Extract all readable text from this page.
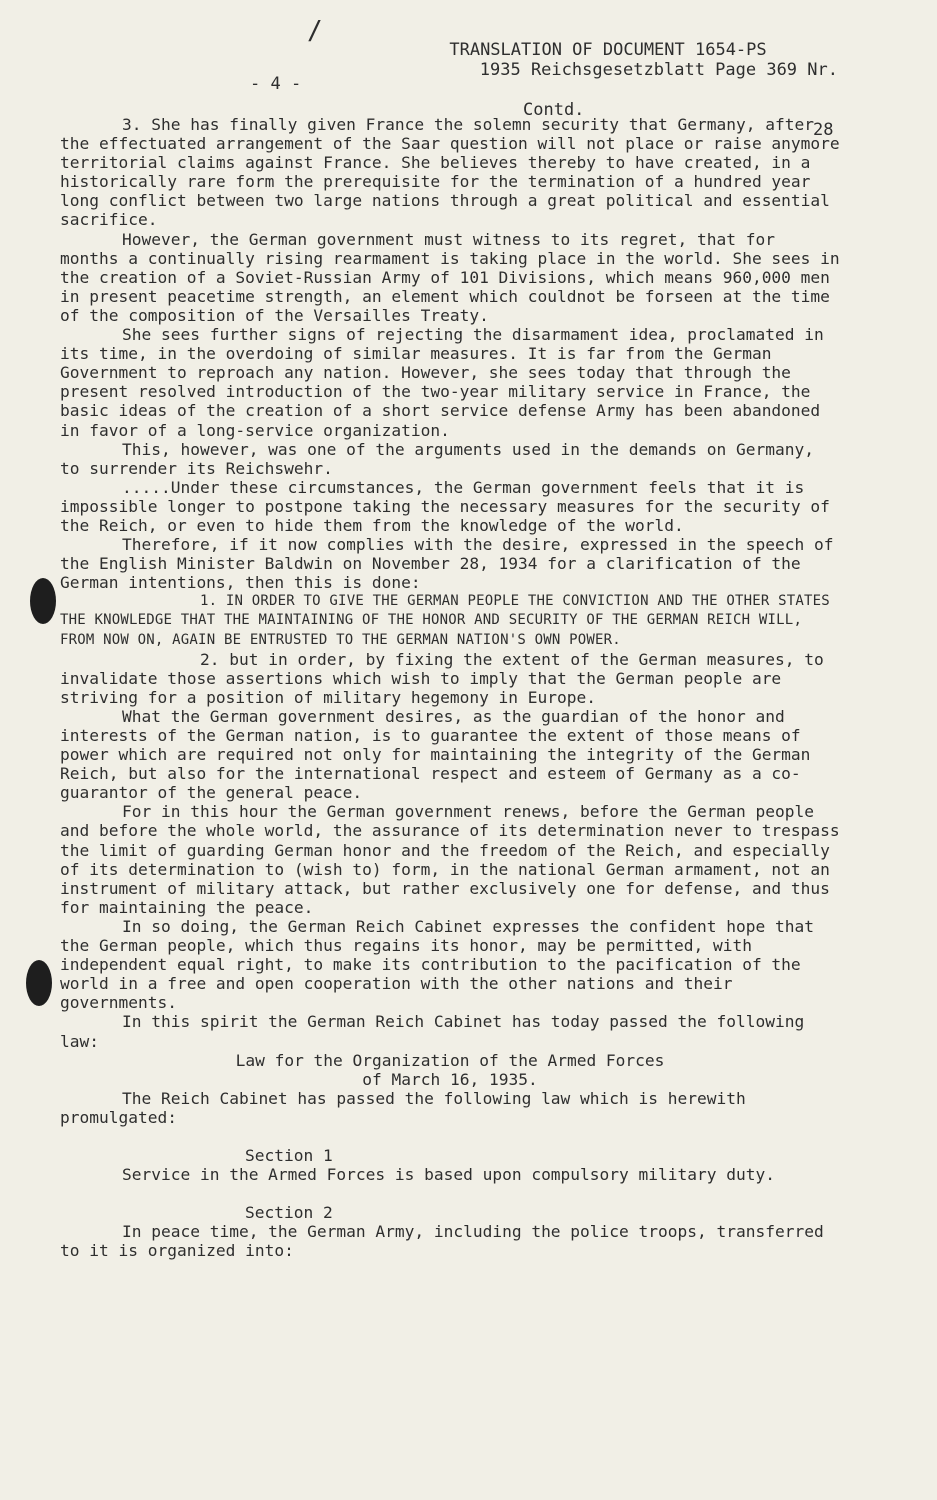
/
TRANSLATION OF DOCUMENT 1654-PS
1935 Reichsgesetzblatt Page 369 Nr.

Contd.

28

- 4 -

3. She has finally given France the solemn security that Germany, after the effectuated arrangement of the Saar question will not place or raise anymore territorial claims against France. She believes thereby to have created, in a historically rare form the prerequisite for the termination of a hundred year long conflict between two large nations through a great political and essential sacrifice.

However, the German government must witness to its regret, that for months a continually rising rearmament is taking place in the world. She sees in the creation of a Soviet-Russian Army of 101 Divisions, which means 960,000 men in present peacetime strength, an element which couldnot be forseen at the time of the composition of the Versailles Treaty.

She sees further signs of rejecting the disarmament idea, proclamated in its time, in the overdoing of similar measures. It is far from the German Government to reproach any nation. However, she sees today that through the present resolved introduction of the two-year military service in France, the basic ideas of the creation of a short service defense Army has been abandoned in favor of a long-service organization.

This, however, was one of the arguments used in the demands on Germany, to surrender its Reichswehr.

.....Under these circumstances, the German government feels that it is impossible longer to postpone taking the necessary measures for the security of the Reich, or even to hide them from the knowledge of the world.

Therefore, if it now complies with the desire, expressed in the speech of the English Minister Baldwin on November 28, 1934 for a clarification of the German intentions, then this is done:

1. IN ORDER TO GIVE THE GERMAN PEOPLE THE CONVICTION AND THE OTHER STATES THE KNOWLEDGE THAT THE MAINTAINING OF THE HONOR AND SECURITY OF THE GERMAN REICH WILL, FROM NOW ON, AGAIN BE ENTRUSTED TO THE GERMAN NATION'S OWN POWER.

2. but in order, by fixing the extent of the German measures, to invalidate those assertions which wish to imply that the German people are striving for a position of military hegemony in Europe.

What the German government desires, as the guardian of the honor and interests of the German nation, is to guarantee the extent of those means of power which are required not only for maintaining the integrity of the German Reich, but also for the international respect and esteem of Germany as a co-guarantor of the general peace.

For in this hour the German government renews, before the German people and before the whole world, the assurance of its determination never to trespass the limit of guarding German honor and the freedom of the Reich, and especially of its determination to (wish to) form, in the national German armament, not an instrument of military attack, but rather exclusively one for defense, and thus for maintaining the peace.

In so doing, the German Reich Cabinet expresses the confident hope that the German people, which thus regains its honor, may be permitted, with independent equal right, to make its contribution to the pacification of the world in a free and open cooperation with the other nations and their governments.

In this spirit the German Reich Cabinet has today passed the following law:

Law for the Organization of the Armed Forces

of March 16, 1935.

The Reich Cabinet has passed the following law which is herewith promulgated:

Section 1

Service in the Armed Forces is based upon compulsory military duty.

Section 2

In peace time, the German Army, including the police troops, transferred to it is organized into:
